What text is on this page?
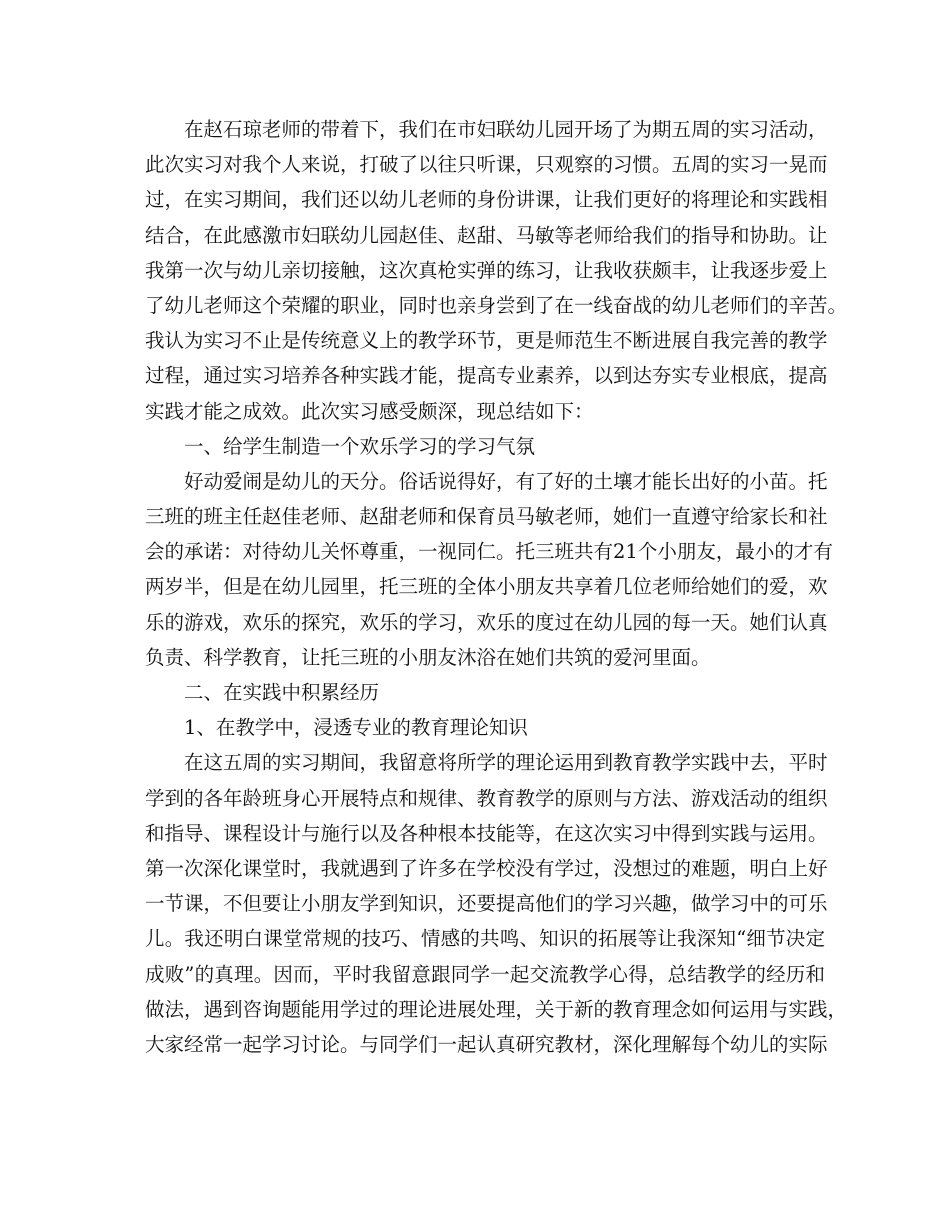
在赵石琼老师的带着下，我们在市妇联幼儿园开场了为期五周的实习活动，
此次实习对我个人来说，打破了以往只听课，只观察的习惯。五周的实习一晃而
过，在实习期间，我们还以幼儿老师的身份讲课，让我们更好的将理论和实践相
结合，在此感激市妇联幼儿园赵佳、赵甜、马敏等老师给我们的指导和协助。让
我第一次与幼儿亲切接触，这次真枪实弹的练习，让我收获颇丰，让我逐步爱上
了幼儿老师这个荣耀的职业，同时也亲身尝到了在一线奋战的幼儿老师们的辛苦。
我认为实习不止是传统意义上的教学环节，更是师范生不断进展自我完善的教学
过程，通过实习培养各种实践才能，提高专业素养，以到达夯实专业根底，提高
实践才能之成效。此次实习感受颇深，现总结如下：
一、给学生制造一个欢乐学习的学习气氛
好动爱闹是幼儿的天分。俗话说得好，有了好的土壤才能长出好的小苗。托
三班的班主任赵佳老师、赵甜老师和保育员马敏老师，她们一直遵守给家长和社
会的承诺：对待幼儿关怀尊重，一视同仁。托三班共有21个小朋友，最小的才有
两岁半，但是在幼儿园里，托三班的全体小朋友共享着几位老师给她们的爱，欢
乐的游戏，欢乐的探究，欢乐的学习，欢乐的度过在幼儿园的每一天。她们认真
负责、科学教育，让托三班的小朋友沐浴在她们共筑的爱河里面。
二、在实践中积累经历
1、在教学中，浸透专业的教育理论知识
在这五周的实习期间，我留意将所学的理论运用到教育教学实践中去，平时
学到的各年龄班身心开展特点和规律、教育教学的原则与方法、游戏活动的组织
和指导、课程设计与施行以及各种根本技能等，在这次实习中得到实践与运用。
第一次深化课堂时，我就遇到了许多在学校没有学过，没想过的难题，明白上好
一节课，不但要让小朋友学到知识，还要提高他们的学习兴趣，做学习中的可乐
儿。我还明白课堂常规的技巧、情感的共鸣、知识的拓展等让我深知“细节决定
成败”的真理。因而，平时我留意跟同学一起交流教学心得，总结教学的经历和
做法，遇到咨询题能用学过的理论进展处理，关于新的教育理念如何运用与实践，
大家经常一起学习讨论。与同学们一起认真研究教材，深化理解每个幼儿的实际
